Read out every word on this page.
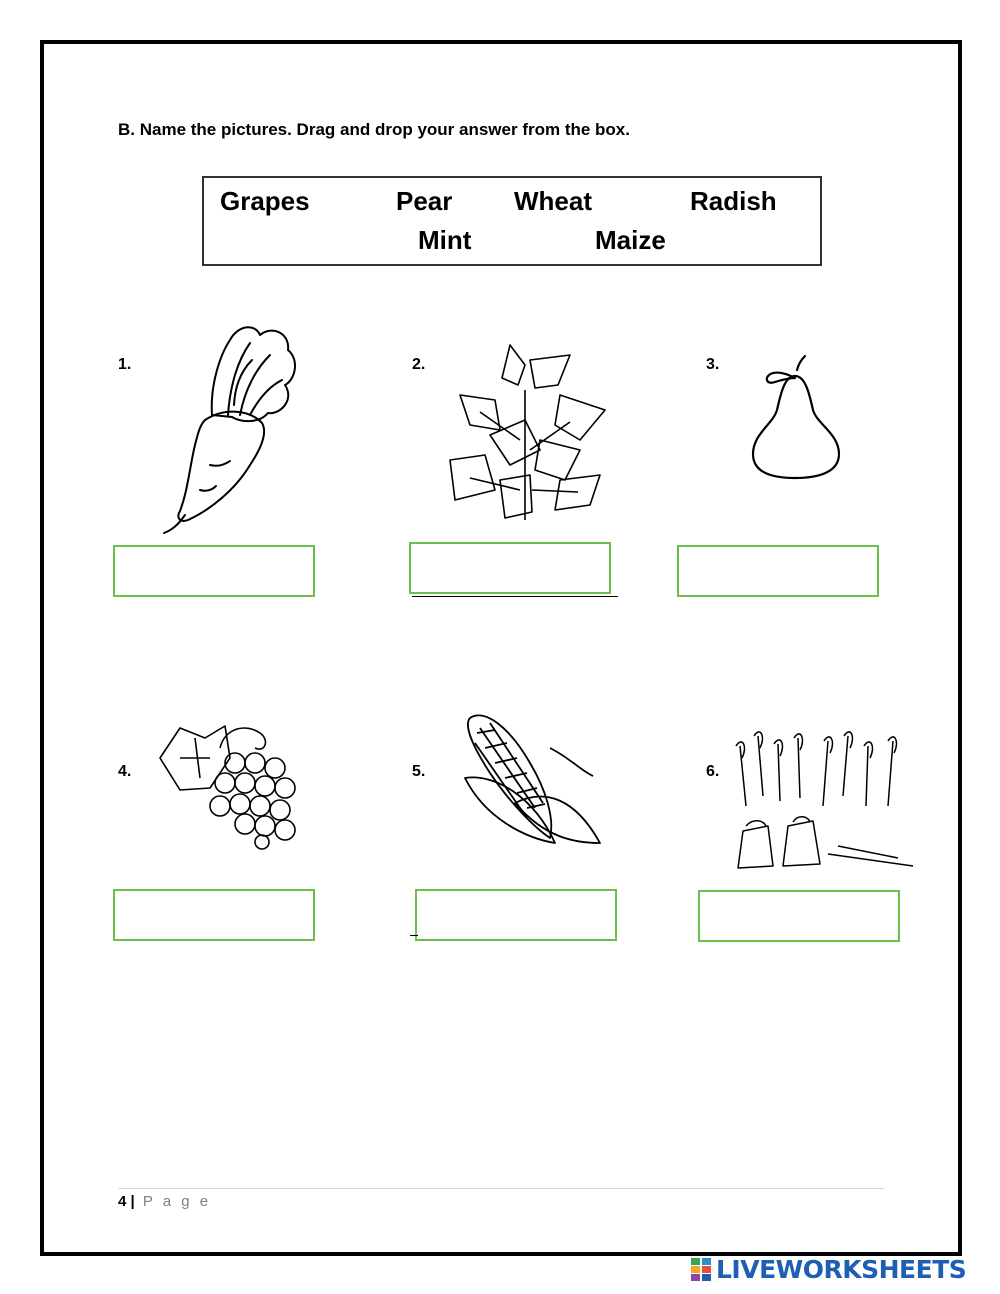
B. Name the pictures. Drag and drop your answer from the box.
Grapes	Pear Wheat	Radish
Mint	Maize
1.	2.	3.
4.	5.	6.
4 | P a g e
LIVEWORKSHEETS
